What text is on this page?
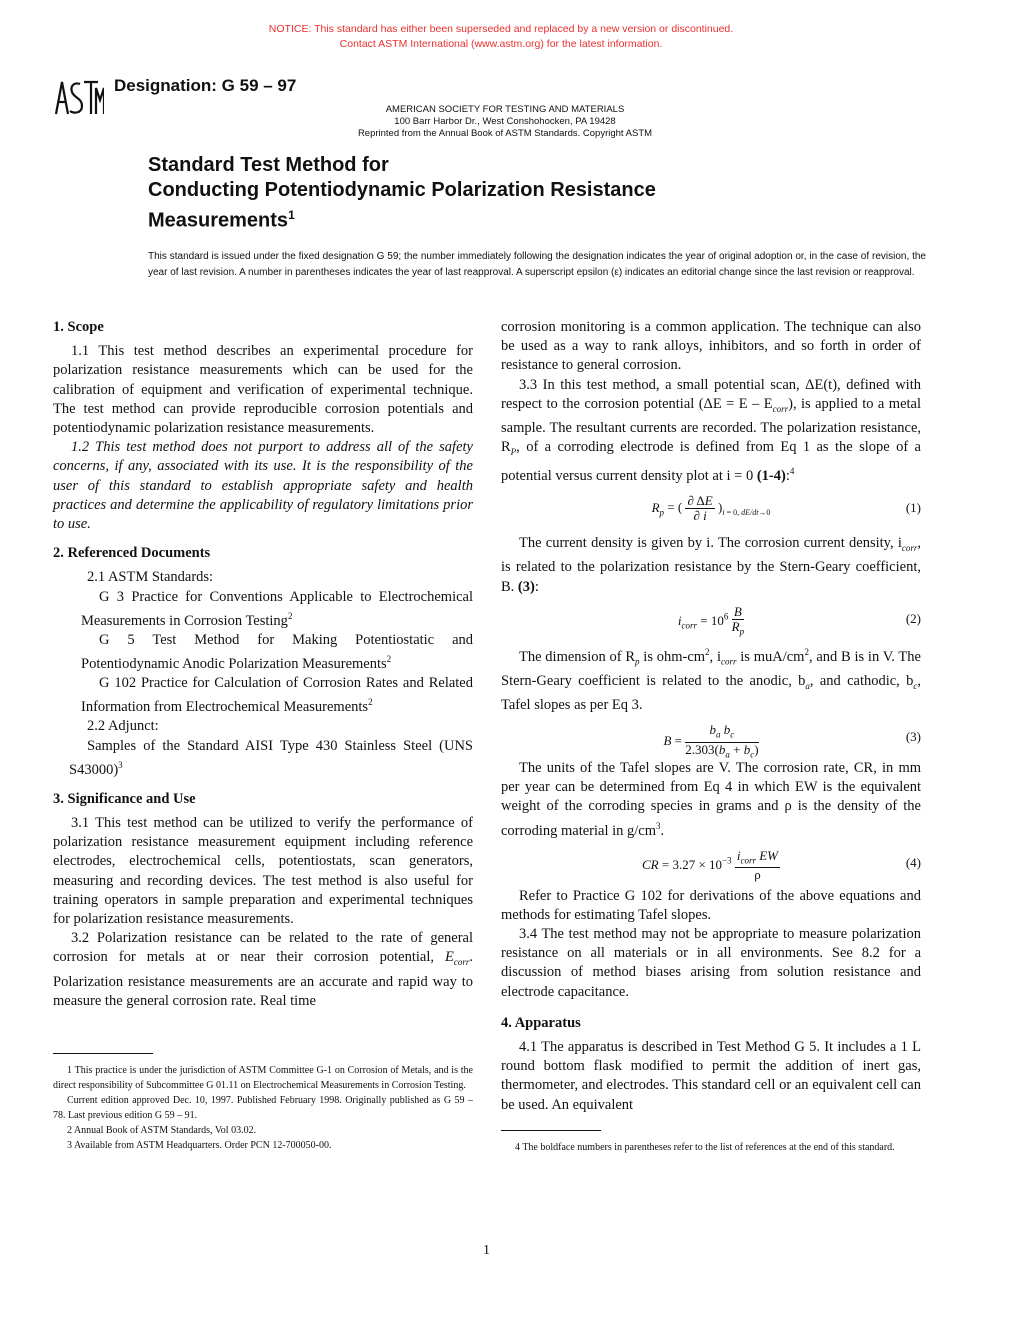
NOTICE: This standard has either been superseded and replaced by a new version or discontinued.
Contact ASTM International (www.astm.org) for the latest information.
Designation: G 59 – 97
AMERICAN SOCIETY FOR TESTING AND MATERIALS
100 Barr Harbor Dr., West Conshohocken, PA 19428
Reprinted from the Annual Book of ASTM Standards. Copyright ASTM
Standard Test Method for
Conducting Potentiodynamic Polarization Resistance
Measurements$^1$
This standard is issued under the fixed designation G 59; the number immediately following the designation indicates the year of original adoption or, in the case of revision, the year of last revision. A number in parentheses indicates the year of last reapproval. A superscript epsilon (ε) indicates an editorial change since the last revision or reapproval.
1. Scope

1.1 This test method describes an experimental procedure for polarization resistance measurements which can be used for the calibration of equipment and verification of experimental technique. The test method can provide reproducible corrosion potentials and potentiodynamic polarization resistance measurements.

1.2 This test method does not purport to address all of the safety concerns, if any, associated with its use. It is the responsibility of the user of this standard to establish appropriate safety and health practices and determine the applicability of regulatory limitations prior to use.

2. Referenced Documents

2.1 ASTM Standards:

G 3 Practice for Conventions Applicable to Electrochemical Measurements in Corrosion Testing$^2$

G 5 Test Method for Making Potentiostatic and Potentiodynamic Anodic Polarization Measurements$^2$

G 102 Practice for Calculation of Corrosion Rates and Related Information from Electrochemical Measurements$^2$

2.2 Adjunct:

Samples of the Standard AISI Type 430 Stainless Steel (UNS S43000)$^3$

3. Significance and Use

3.1 This test method can be utilized to verify the performance of polarization resistance measurement equipment including reference electrodes, electrochemical cells, potentiostats, scan generators, measuring and recording devices. The test method is also useful for training operators in sample preparation and experimental techniques for polarization resistance measurements.

3.2 Polarization resistance can be related to the rate of general corrosion for metals at or near their corrosion potential, $E_{corr}$. Polarization resistance measurements are an accurate and rapid way to measure the general corrosion rate. Real time

1 This practice is under the jurisdiction of ASTM Committee G-1 on Corrosion of Metals, and is the direct responsibility of Subcommittee G 01.11 on Electrochemical Measurements in Corrosion Testing.

Current edition approved Dec. 10, 1997. Published February 1998. Originally published as G 59 – 78. Last previous edition G 59 – 91.

2 Annual Book of ASTM Standards, Vol 03.02.

3 Available from ASTM Headquarters. Order PCN 12-700050-00.

corrosion monitoring is a common application. The technique can also be used as a way to rank alloys, inhibitors, and so forth in order of resistance to general corrosion.

3.3 In this test method, a small potential scan, ΔE(t), defined with respect to the corrosion potential $(\Delta E = E - E_{corr})$, is applied to a metal sample. The resultant currents are recorded. The polarization resistance, $R_P$, of a corroding electrode is defined from Eq 1 as the slope of a potential versus current density plot at i = 0 (1-4):$^4$

$R_p$ = ( $\frac{\partial \Delta E}{\partial i} )_{i = 0, dE/dt\to 0}$	(1)

The current density is given by i. The corrosion current density, $i_{corr}$, is related to the polarization resistance by the Stern-Geary coefficient, B. (3):

$i_{corr} = 10^6 \frac{B}{R_p}$	(2)

The dimension of $R_p$ is ohm-$cm^2$, $i_{corr}$ is muA/$cm^2$, and B is in V. The Stern-Geary coefficient is related to the anodic, $b_a$, and cathodic, $b_c$, Tafel slopes as per Eq 3.

$B = \frac{b_a b_c}{2.303(b_a + b_c)}$	(3)

The units of the Tafel slopes are V. The corrosion rate, CR, in mm per year can be determined from Eq 4 in which EW is the equivalent weight of the corroding species in grams and ρ is the density of the corroding material in $g/cm^3$.

CR = $3.27 \times 10^{-3} \frac{i_{corr} EW}{\rho}$	(4)

Refer to Practice G 102 for derivations of the above equations and methods for estimating Tafel slopes.

3.4 The test method may not be appropriate to measure polarization resistance on all materials or in all environments. See 8.2 for a discussion of method biases arising from solution resistance and electrode capacitance.

4. Apparatus

4.1 The apparatus is described in Test Method G 5. It includes a 1 L round bottom flask modified to permit the addition of inert gas, thermometer, and electrodes. This standard cell or an equivalent cell can be used. An equivalent

4 The boldface numbers in parentheses refer to the list of references at the end of this standard.

1
